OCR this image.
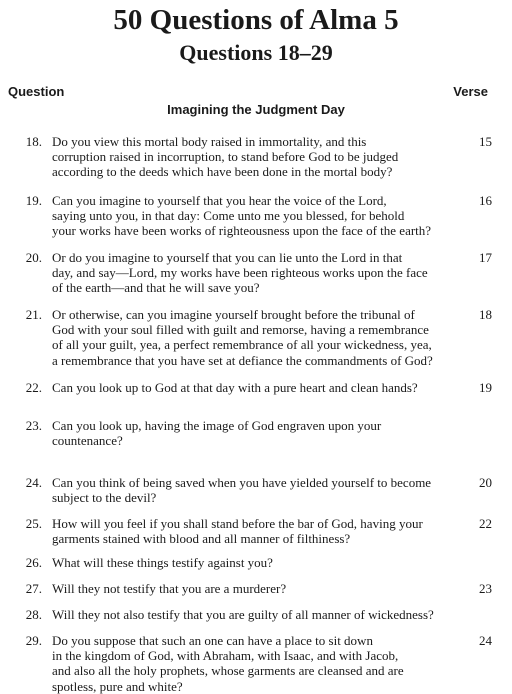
50 Questions of Alma 5
Questions 18–29
Question	Verse
Imagining the Judgment Day
18. Do you view this mortal body raised in immortality, and this
corruption raised in incorruption, to stand before God to be judged
according to the deeds which have been done in the mortal body?
15
19. Can you imagine to yourself that you hear the voice of the Lord,
saying unto you, in that day: Come unto me you blessed, for behold
your works have been works of righteousness upon the face of the earth?
16
20. Or do you imagine to yourself that you can lie unto the Lord in that
day, and say—Lord, my works have been righteous works upon the face
of the earth—and that he will save you?
17
21. Or otherwise, can you imagine yourself brought before the tribunal of
God with your soul filled with guilt and remorse, having a remembrance
of all your guilt, yea, a perfect remembrance of all your wickedness, yea,
a remembrance that you have set at defiance the commandments of God?
18
22. Can you look up to God at that day with a pure heart and clean hands?	19
23. Can you look up, having the image of God engraven upon your
countenance?
24. Can you think of being saved when you have yielded yourself to become
subject to the devil?
20
25. How will you feel if you shall stand before the bar of God, having your
garments stained with blood and all manner of filthiness?
22
26. What will these things testify against you?
27. Will they not testify that you are a murderer?	23
28. Will they not also testify that you are guilty of all manner of wickedness?
29. Do you suppose that such an one can have a place to sit down
in the kingdom of God, with Abraham, with Isaac, and with Jacob,
and also all the holy prophets, whose garments are cleansed and are
spotless, pure and white?
24
